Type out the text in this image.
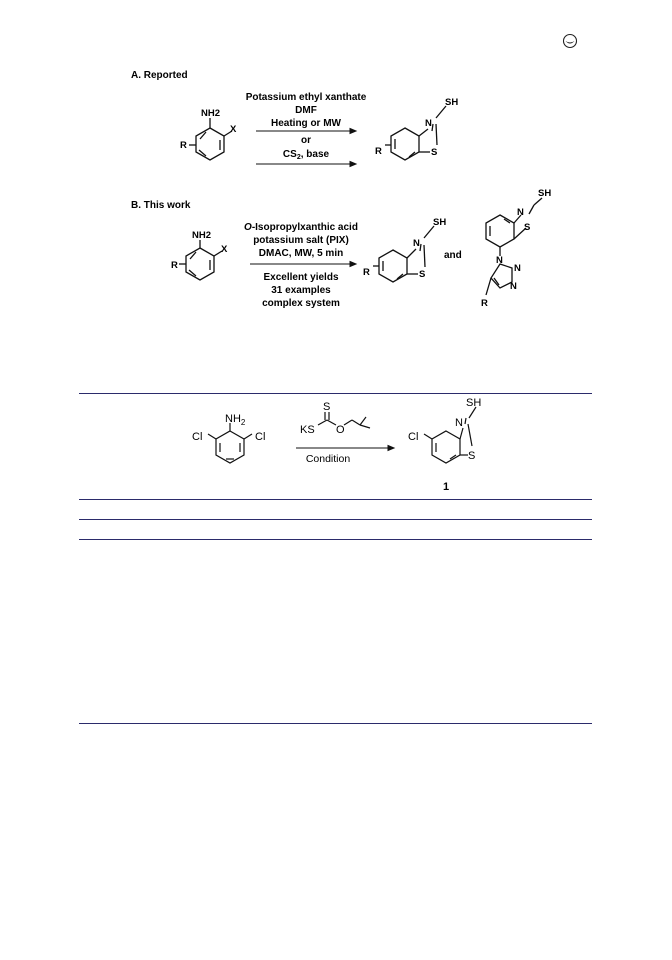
A. Reported
NH2
X
R
Potassium ethyl xanthate
DMF
Heating or MW
or
$CS_2$, base
SH
N
S
R
B. This work
NH2
X
R
O-Isopropylxanthic acid
potassium salt (PIX)
DMAC, MW, 5 min
Excellent yields
31 examples
complex system
SH
N
S
R
and
SH
N
S
N
N
N
R
$NH_2$
Cl	Cl
S
KS O
Condition
SH
N
S
Cl
1
